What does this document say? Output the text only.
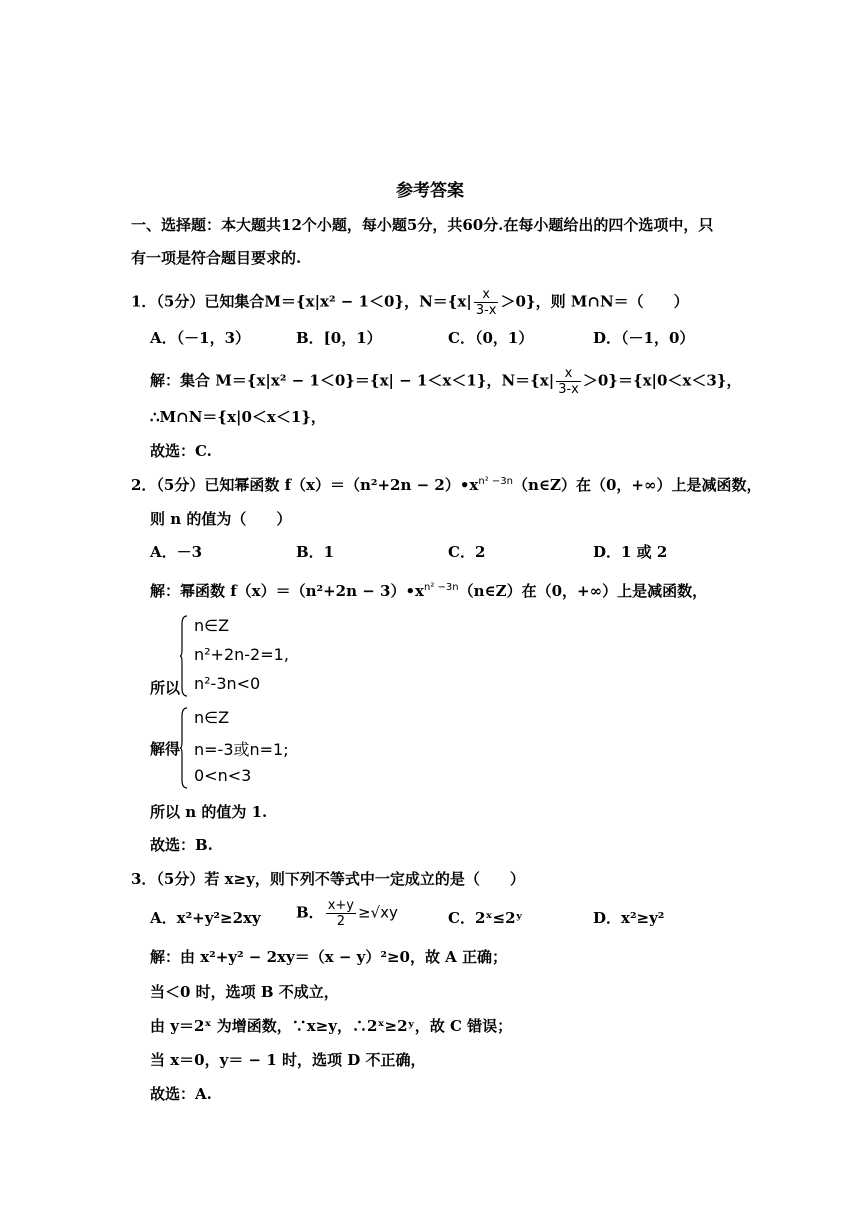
参考答案
一、选择题：本大题共12个小题，每小题5分，共60分.在每小题给出的四个选项中，只
有一项是符合题目要求的.
1．（5分）已知集合M＝{x|x² − 1＜0}，$N=\{x| \frac{x}{3-x} >0\}$，则 M∩N＝（　　）
A．（－1，3）	B．[0，1）	C．（0，1）	D．（－1，0）
解：集合 M＝{x|x² − 1＜0}＝{x| − 1＜x＜1}，$N=\{x| \frac{x}{3-x} >0\}=\{x|0<x<3\}$，
∴M∩N＝{x|0＜x＜1}，
故选：C.
2．（5分）已知幂函数 $f(x)=(n^2+2n - 2)•x^{n^2 -3n}(n\in Z)$在（0，+∞）上是减函数，
则 n 的值为（　　）
A．－3	B．1	C．2	D．1 或 2
解：幂函数 $f(x)=(n^2+2n - 3)•x^{n^2 -3n}(n\in Z)$在（0，+∞）上是减函数，
所以
n∈Z
n²+2n-2=1,
n²-3n<0
解得
n∈Z
n=-3或n=1;
0<n<3
所以 n 的值为 1.
故选：B.
3．（5分）若 x≥y，则下列不等式中一定成立的是（　　）
A．x²+y²≥2xy B． $\frac{x+y}{2} \ge√xy$	C．2ˣ≤2ʸ	D．x²≥y²
解：由 x²+y² − 2xy＝（x − y）²≥0，故 A 正确；
当＜0 时，选项 B 不成立，
由 y＝2ˣ 为增函数，∵x≥y，∴2ˣ≥2ʸ，故 C 错误；
当 x＝0，y＝ − 1 时，选项 D 不正确，
故选：A.
